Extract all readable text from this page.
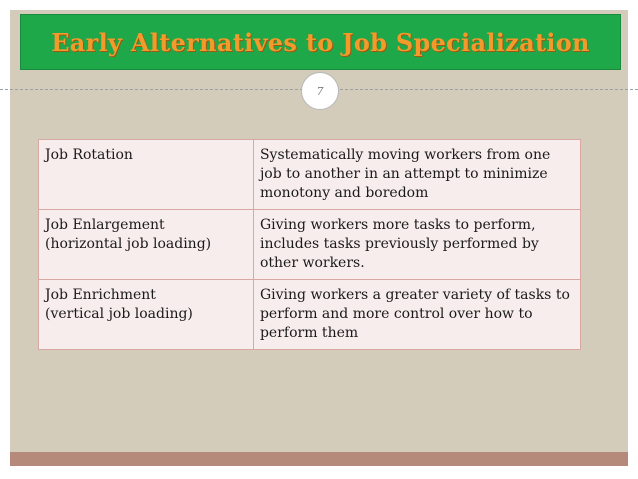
Early Alternatives to Job Specialization
7
Job Rotation	Systematically moving workers from one job to another in an attempt to minimize monotony and boredom

Job Enlargement
(horizontal job loading)	Giving workers more tasks to perform, includes tasks previously performed by other workers.

Job Enrichment
(vertical job loading)	Giving workers a greater variety of tasks to perform and more control over how to perform them
